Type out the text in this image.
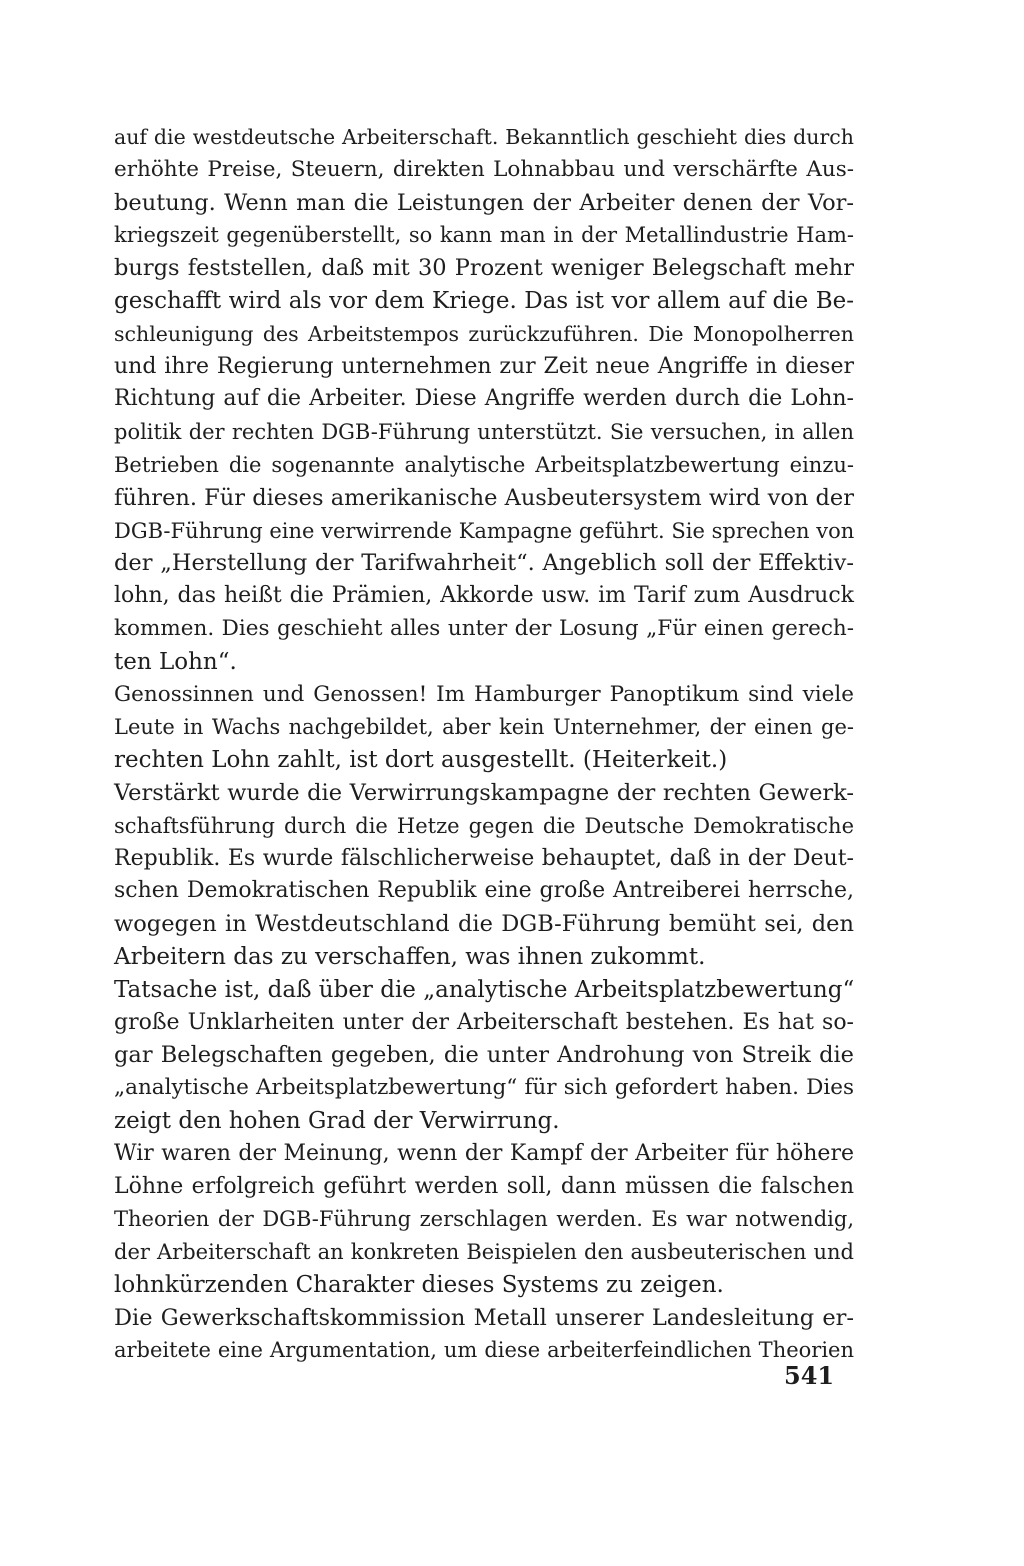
auf die westdeutsche Arbeiterschaft. Bekanntlich geschieht dies durch
erhöhte Preise, Steuern, direkten Lohnabbau und verschärfte Aus-
beutung. Wenn man die Leistungen der Arbeiter denen der Vor-
kriegszeit gegenüberstellt, so kann man in der Metallindustrie Ham-
burgs feststellen, daß mit 30 Prozent weniger Belegschaft mehr
geschafft wird als vor dem Kriege. Das ist vor allem auf die Be-
schleunigung des Arbeitstempos zurückzuführen. Die Monopolherren
und ihre Regierung unternehmen zur Zeit neue Angriffe in dieser
Richtung auf die Arbeiter. Diese Angriffe werden durch die Lohn-
politik der rechten DGB-Führung unterstützt. Sie versuchen, in allen
Betrieben die sogenannte analytische Arbeitsplatzbewertung einzu-
führen. Für dieses amerikanische Ausbeutersystem wird von der
DGB-Führung eine verwirrende Kampagne geführt. Sie sprechen von
der „Herstellung der Tarifwahrheit“. Angeblich soll der Effektiv-
lohn, das heißt die Prämien, Akkorde usw. im Tarif zum Ausdruck
kommen. Dies geschieht alles unter der Losung „Für einen gerech-
ten Lohn“.
Genossinnen und Genossen! Im Hamburger Panoptikum sind viele
Leute in Wachs nachgebildet, aber kein Unternehmer, der einen ge-
rechten Lohn zahlt, ist dort ausgestellt. (Heiterkeit.)
Verstärkt wurde die Verwirrungskampagne der rechten Gewerk-
schaftsführung durch die Hetze gegen die Deutsche Demokratische
Republik. Es wurde fälschlicherweise behauptet, daß in der Deut-
schen Demokratischen Republik eine große Antreiberei herrsche,
wogegen in Westdeutschland die DGB-Führung bemüht sei, den
Arbeitern das zu verschaffen, was ihnen zukommt.
Tatsache ist, daß über die „analytische Arbeitsplatzbewertung“
große Unklarheiten unter der Arbeiterschaft bestehen. Es hat so-
gar Belegschaften gegeben, die unter Androhung von Streik die
„analytische Arbeitsplatzbewertung“ für sich gefordert haben. Dies
zeigt den hohen Grad der Verwirrung.
Wir waren der Meinung, wenn der Kampf der Arbeiter für höhere
Löhne erfolgreich geführt werden soll, dann müssen die falschen
Theorien der DGB-Führung zerschlagen werden. Es war notwendig,
der Arbeiterschaft an konkreten Beispielen den ausbeuterischen und
lohnkürzenden Charakter dieses Systems zu zeigen.
Die Gewerkschaftskommission Metall unserer Landesleitung er-
arbeitete eine Argumentation, um diese arbeiterfeindlichen Theorien
541
